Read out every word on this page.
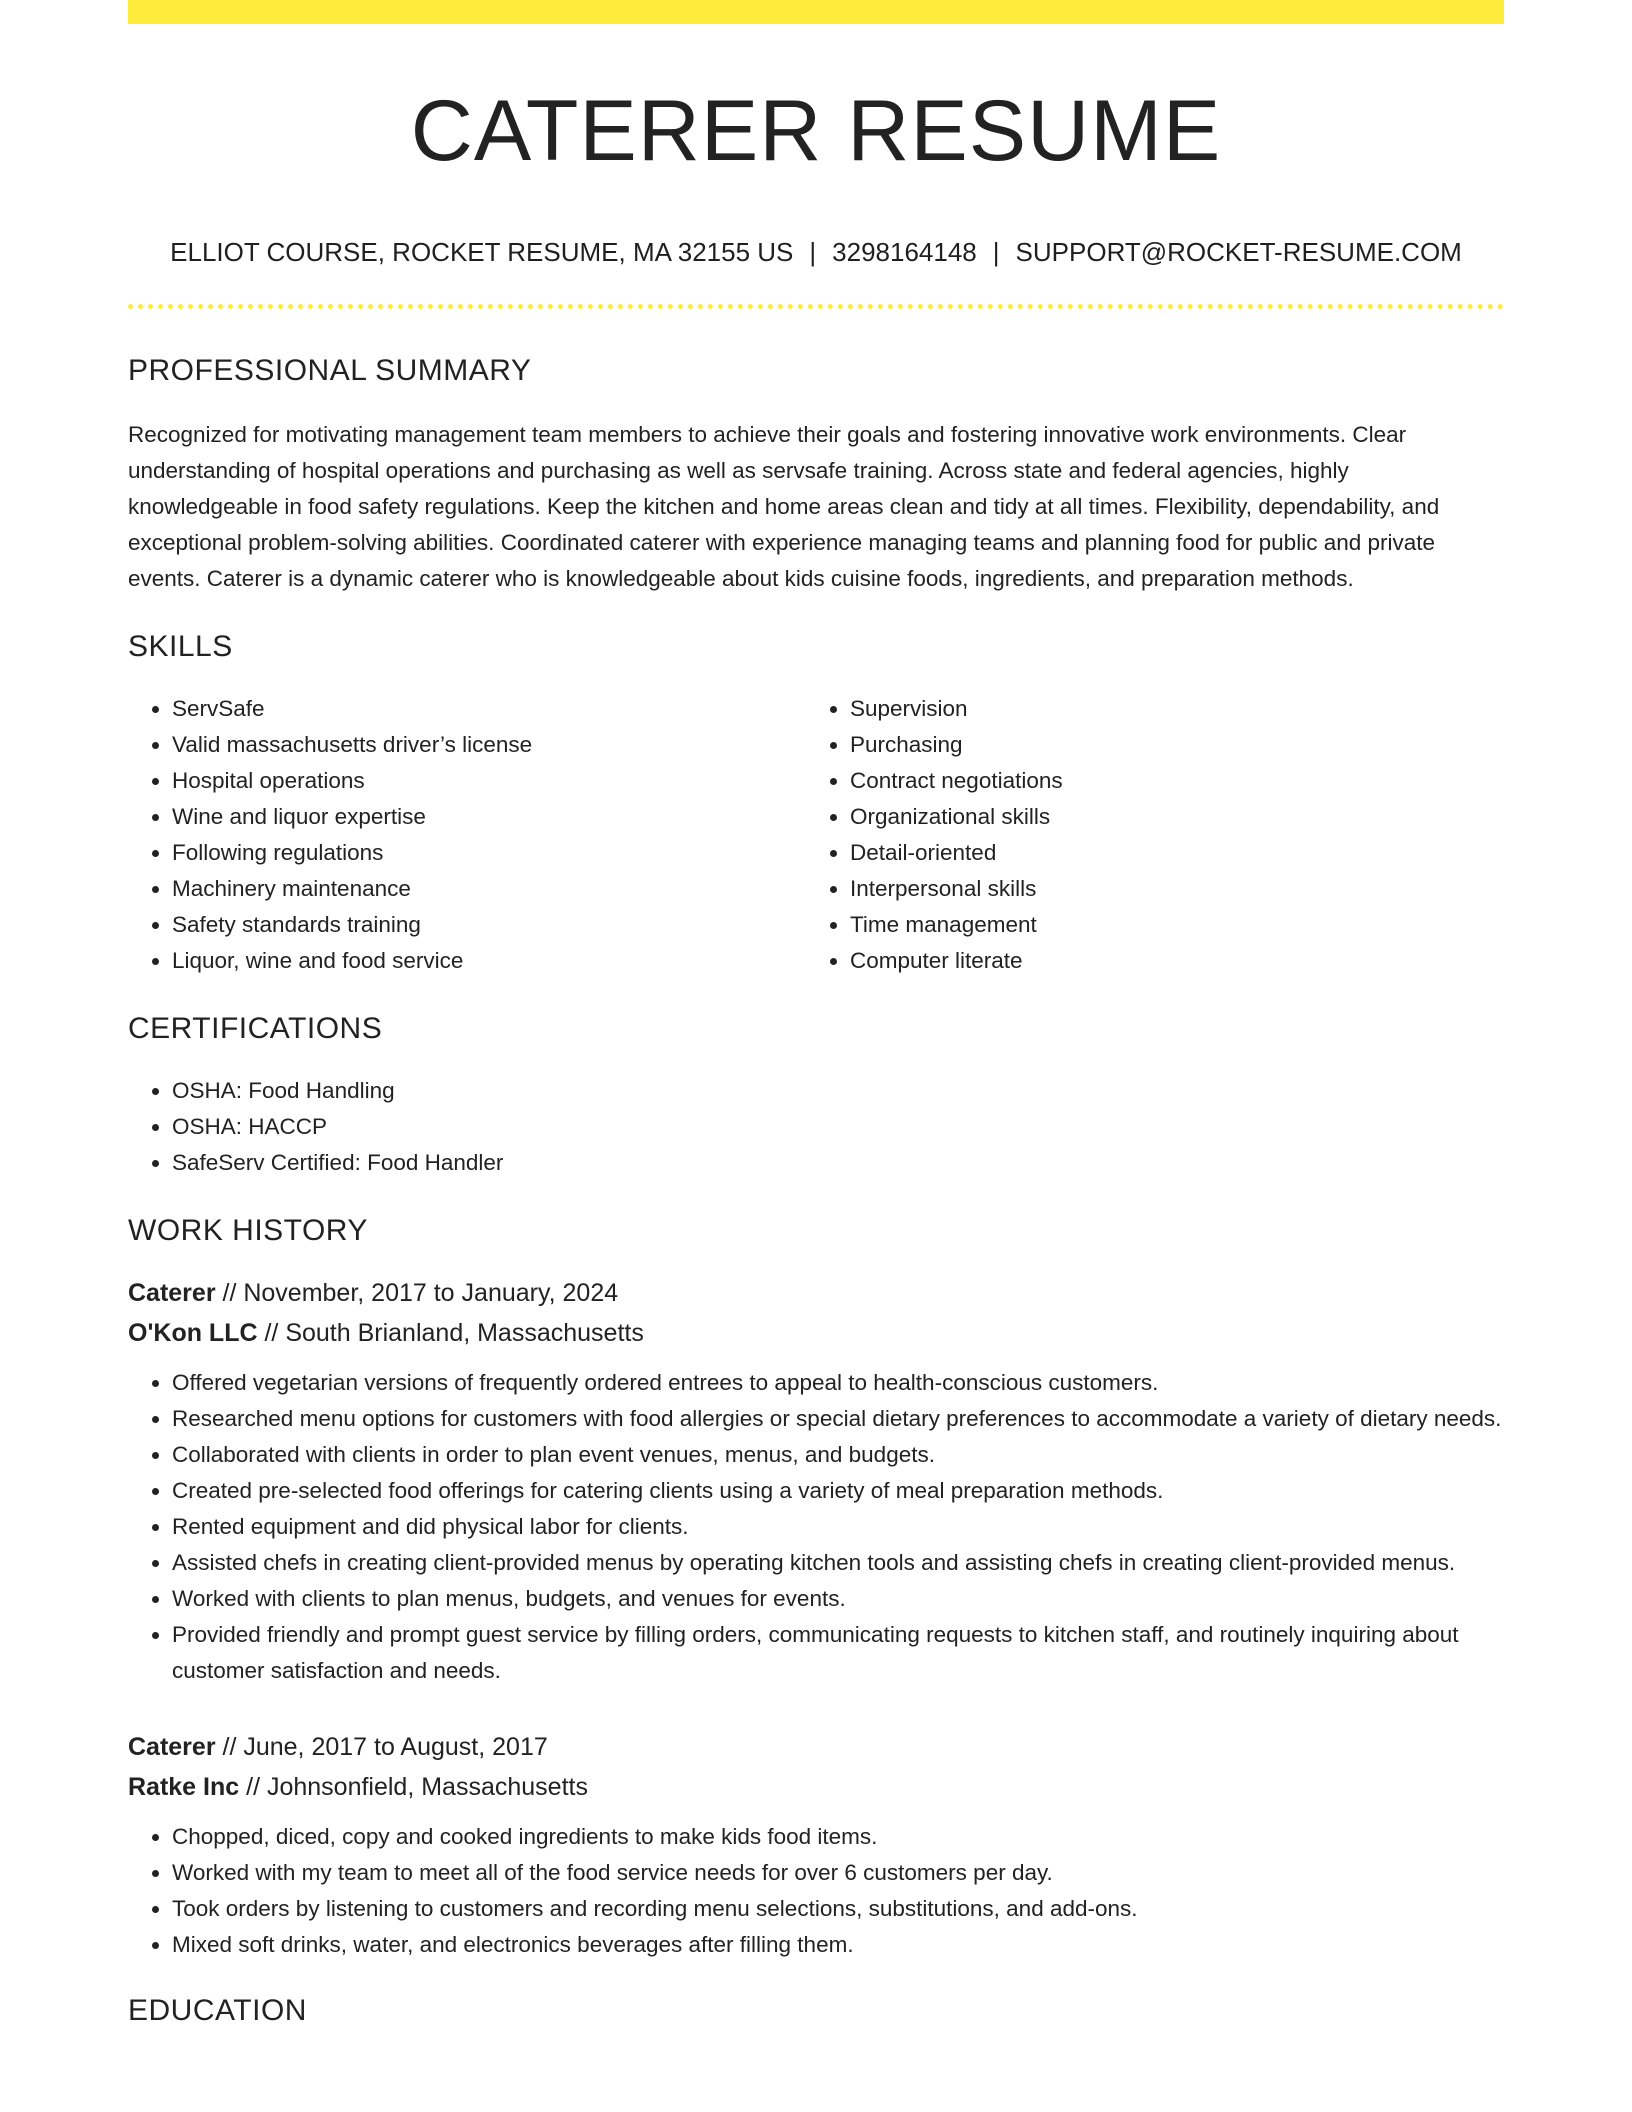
CATERER RESUME
ELLIOT COURSE, ROCKET RESUME, MA 32155 US | 3298164148 | SUPPORT@ROCKET-RESUME.COM
PROFESSIONAL SUMMARY

Recognized for motivating management team members to achieve their goals and fostering innovative work environments. Clear understanding of hospital operations and purchasing as well as servsafe training. Across state and federal agencies, highly knowledgeable in food safety regulations. Keep the kitchen and home areas clean and tidy at all times. Flexibility, dependability, and exceptional problem-solving abilities. Coordinated caterer with experience managing teams and planning food for public and private events. Caterer is a dynamic caterer who is knowledgeable about kids cuisine foods, ingredients, and preparation methods.

SKILLS
• ServSafe
• Valid massachusetts driver’s license
• Hospital operations
• Wine and liquor expertise
• Following regulations
• Machinery maintenance
• Safety standards training
• Liquor, wine and food service
• Supervision
• Purchasing
• Contract negotiations
• Organizational skills
• Detail-oriented
• Interpersonal skills
• Time management
• Computer literate
CERTIFICATIONS
• OSHA: Food Handling
• OSHA: HACCP
• SafeServ Certified: Food Handler
WORK HISTORY
Caterer // November, 2017 to January, 2024
O'Kon LLC // South Brianland, Massachusetts
• Offered vegetarian versions of frequently ordered entrees to appeal to health-conscious customers.
• Researched menu options for customers with food allergies or special dietary preferences to accommodate a variety of dietary needs.
• Collaborated with clients in order to plan event venues, menus, and budgets.
• Created pre-selected food offerings for catering clients using a variety of meal preparation methods.
• Rented equipment and did physical labor for clients.
• Assisted chefs in creating client-provided menus by operating kitchen tools and assisting chefs in creating client-provided menus.
• Worked with clients to plan menus, budgets, and venues for events.
• Provided friendly and prompt guest service by filling orders, communicating requests to kitchen staff, and routinely inquiring about customer satisfaction and needs.
Caterer // June, 2017 to August, 2017
Ratke Inc // Johnsonfield, Massachusetts
• Chopped, diced, copy and cooked ingredients to make kids food items.
• Worked with my team to meet all of the food service needs for over 6 customers per day.
• Took orders by listening to customers and recording menu selections, substitutions, and add-ons.
• Mixed soft drinks, water, and electronics beverages after filling them.
EDUCATION
